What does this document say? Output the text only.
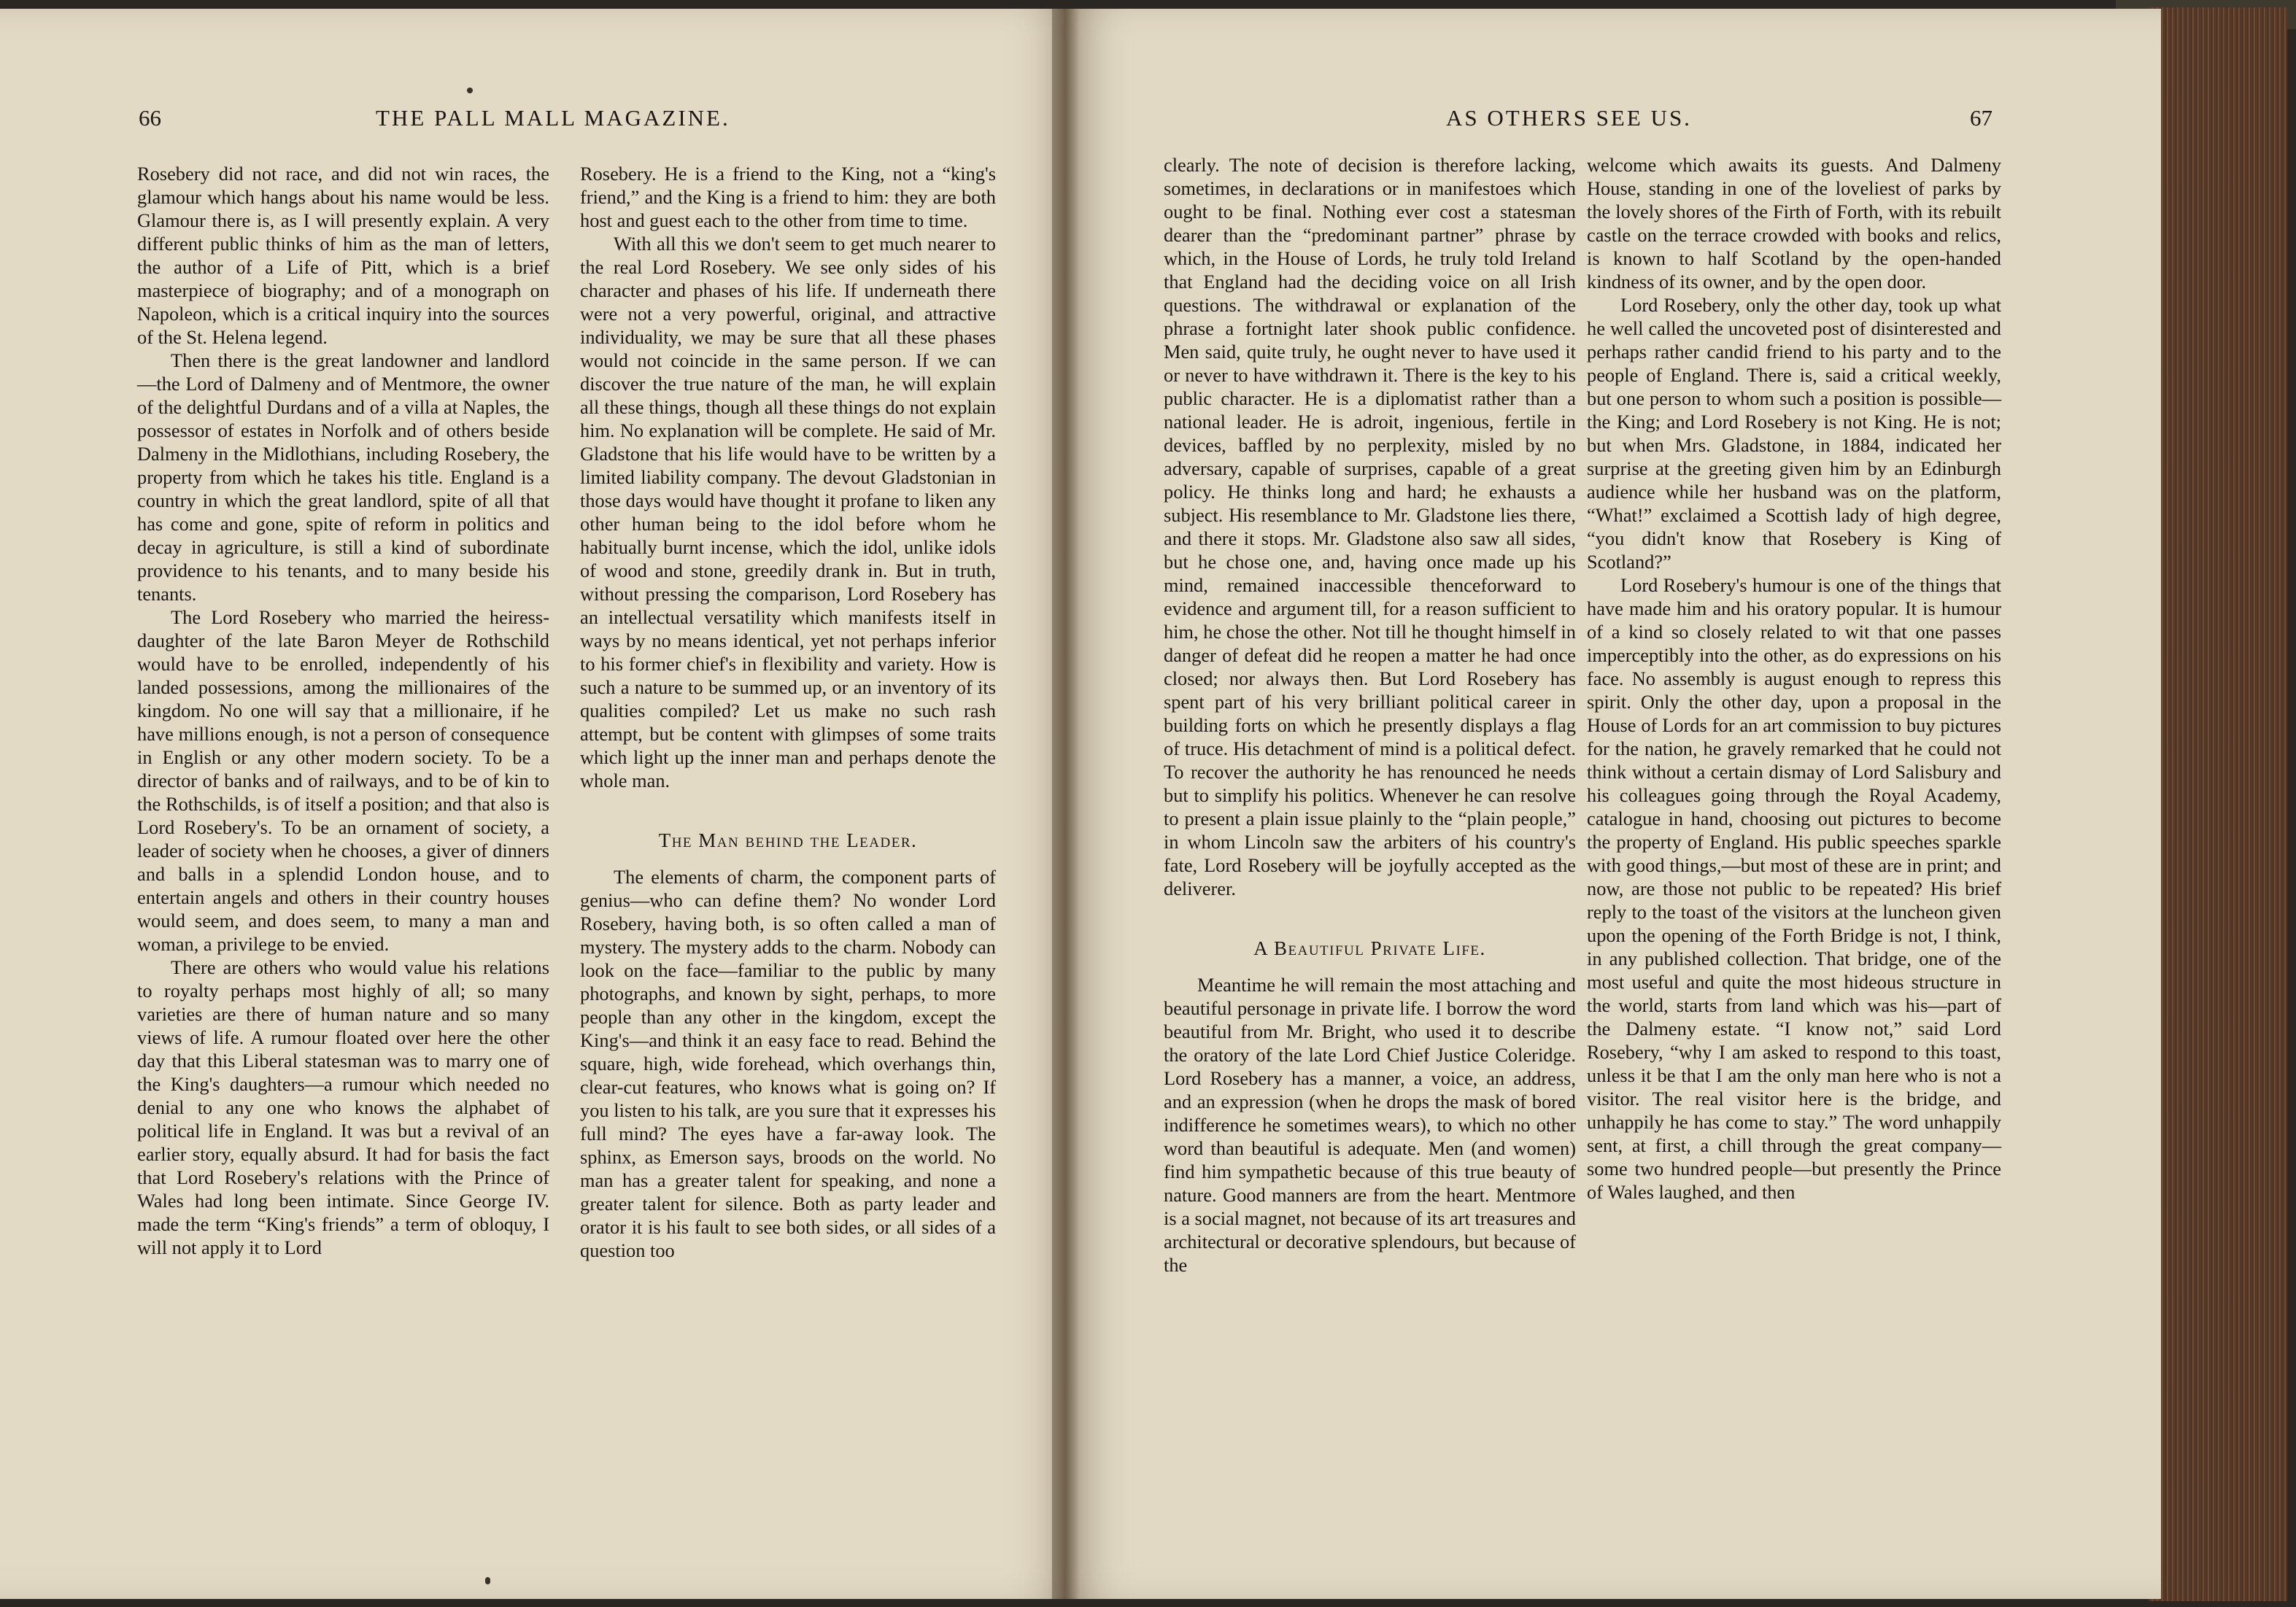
66	THE PALL MALL MAGAZINE.

Rosebery did not race, and did not win races, the glamour which hangs about his name would be less. Glamour there is, as I will presently explain. A very different public thinks of him as the man of letters, the author of a Life of Pitt, which is a brief masterpiece of biography; and of a monograph on Napoleon, which is a critical inquiry into the sources of the St. Helena legend.

Then there is the great landowner and landlord—the Lord of Dalmeny and of Mentmore, the owner of the delightful Durdans and of a villa at Naples, the possessor of estates in Norfolk and of others beside Dalmeny in the Midlothians, including Rosebery, the property from which he takes his title. England is a country in which the great landlord, spite of all that has come and gone, spite of reform in politics and decay in agriculture, is still a kind of subordinate providence to his tenants, and to many beside his tenants.

The Lord Rosebery who married the heiress-daughter of the late Baron Meyer de Rothschild would have to be enrolled, independently of his landed possessions, among the millionaires of the kingdom. No one will say that a millionaire, if he have millions enough, is not a person of consequence in English or any other modern society. To be a director of banks and of railways, and to be of kin to the Rothschilds, is of itself a position; and that also is Lord Rosebery's. To be an ornament of society, a leader of society when he chooses, a giver of dinners and balls in a splendid London house, and to entertain angels and others in their country houses would seem, and does seem, to many a man and woman, a privilege to be envied.

There are others who would value his relations to royalty perhaps most highly of all; so many varieties are there of human nature and so many views of life. A rumour floated over here the other day that this Liberal statesman was to marry one of the King's daughters—a rumour which needed no denial to any one who knows the alphabet of political life in England. It was but a revival of an earlier story, equally absurd. It had for basis the fact that Lord Rosebery's relations with the Prince of Wales had long been intimate. Since George IV. made the term “King's friends” a term of obloquy, I will not apply it to Lord

Rosebery. He is a friend to the King, not a “king's friend,” and the King is a friend to him: they are both host and guest each to the other from time to time.

With all this we don't seem to get much nearer to the real Lord Rosebery. We see only sides of his character and phases of his life. If underneath there were not a very powerful, original, and attractive individuality, we may be sure that all these phases would not coincide in the same person. If we can discover the true nature of the man, he will explain all these things, though all these things do not explain him. No explanation will be complete. He said of Mr. Gladstone that his life would have to be written by a limited liability company. The devout Gladstonian in those days would have thought it profane to liken any other human being to the idol before whom he habitually burnt incense, which the idol, unlike idols of wood and stone, greedily drank in. But in truth, without pressing the comparison, Lord Rosebery has an intellectual versatility which manifests itself in ways by no means identical, yet not perhaps inferior to his former chief's in flexibility and variety. How is such a nature to be summed up, or an inventory of its qualities compiled? Let us make no such rash attempt, but be content with glimpses of some traits which light up the inner man and perhaps denote the whole man.

The Man behind the Leader.

The elements of charm, the component parts of genius—who can define them? No wonder Lord Rosebery, having both, is so often called a man of mystery. The mystery adds to the charm. Nobody can look on the face—familiar to the public by many photographs, and known by sight, perhaps, to more people than any other in the kingdom, except the King's—and think it an easy face to read. Behind the square, high, wide forehead, which overhangs thin, clear-cut features, who knows what is going on? If you listen to his talk, are you sure that it expresses his full mind? The eyes have a far-away look. The sphinx, as Emerson says, broods on the world. No man has a greater talent for speaking, and none a greater talent for silence. Both as party leader and orator it is his fault to see both sides, or all sides of a question too

AS OTHERS SEE US.	67

clearly. The note of decision is therefore lacking, sometimes, in declarations or in manifestoes which ought to be final. Nothing ever cost a statesman dearer than the “predominant partner” phrase by which, in the House of Lords, he truly told Ireland that England had the deciding voice on all Irish questions. The withdrawal or explanation of the phrase a fortnight later shook public confidence. Men said, quite truly, he ought never to have used it or never to have withdrawn it. There is the key to his public character. He is a diplomatist rather than a national leader. He is adroit, ingenious, fertile in devices, baffled by no perplexity, misled by no adversary, capable of surprises, capable of a great policy. He thinks long and hard; he exhausts a subject. His resemblance to Mr. Gladstone lies there, and there it stops. Mr. Gladstone also saw all sides, but he chose one, and, having once made up his mind, remained inaccessible thenceforward to evidence and argument till, for a reason sufficient to him, he chose the other. Not till he thought himself in danger of defeat did he reopen a matter he had once closed; nor always then. But Lord Rosebery has spent part of his very brilliant political career in building forts on which he presently displays a flag of truce. His detachment of mind is a political defect. To recover the authority he has renounced he needs but to simplify his politics. Whenever he can resolve to present a plain issue plainly to the “plain people,” in whom Lincoln saw the arbiters of his country's fate, Lord Rosebery will be joyfully accepted as the deliverer.

A Beautiful Private Life.

Meantime he will remain the most attaching and beautiful personage in private life. I borrow the word beautiful from Mr. Bright, who used it to describe the oratory of the late Lord Chief Justice Coleridge. Lord Rosebery has a manner, a voice, an address, and an expression (when he drops the mask of bored indifference he sometimes wears), to which no other word than beautiful is adequate. Men (and women) find him sympathetic because of this true beauty of nature. Good manners are from the heart. Mentmore is a social magnet, not because of its art treasures and architectural or decorative splendours, but because of the

welcome which awaits its guests. And Dalmeny House, standing in one of the loveliest of parks by the lovely shores of the Firth of Forth, with its rebuilt castle on the terrace crowded with books and relics, is known to half Scotland by the open-handed kindness of its owner, and by the open door.

Lord Rosebery, only the other day, took up what he well called the uncoveted post of disinterested and perhaps rather candid friend to his party and to the people of England. There is, said a critical weekly, but one person to whom such a position is possible—the King; and Lord Rosebery is not King. He is not; but when Mrs. Gladstone, in 1884, indicated her surprise at the greeting given him by an Edinburgh audience while her husband was on the platform, “What!” exclaimed a Scottish lady of high degree, “you didn't know that Rosebery is King of Scotland?”

Lord Rosebery's humour is one of the things that have made him and his oratory popular. It is humour of a kind so closely related to wit that one passes imperceptibly into the other, as do expressions on his face. No assembly is august enough to repress this spirit. Only the other day, upon a proposal in the House of Lords for an art commission to buy pictures for the nation, he gravely remarked that he could not think without a certain dismay of Lord Salisbury and his colleagues going through the Royal Academy, catalogue in hand, choosing out pictures to become the property of England. His public speeches sparkle with good things,—but most of these are in print; and now, are those not public to be repeated? His brief reply to the toast of the visitors at the luncheon given upon the opening of the Forth Bridge is not, I think, in any published collection. That bridge, one of the most useful and quite the most hideous structure in the world, starts from land which was his—part of the Dalmeny estate. “I know not,” said Lord Rosebery, “why I am asked to respond to this toast, unless it be that I am the only man here who is not a visitor. The real visitor here is the bridge, and unhappily he has come to stay.” The word unhappily sent, at first, a chill through the great company—some two hundred people—but presently the Prince of Wales laughed, and then
